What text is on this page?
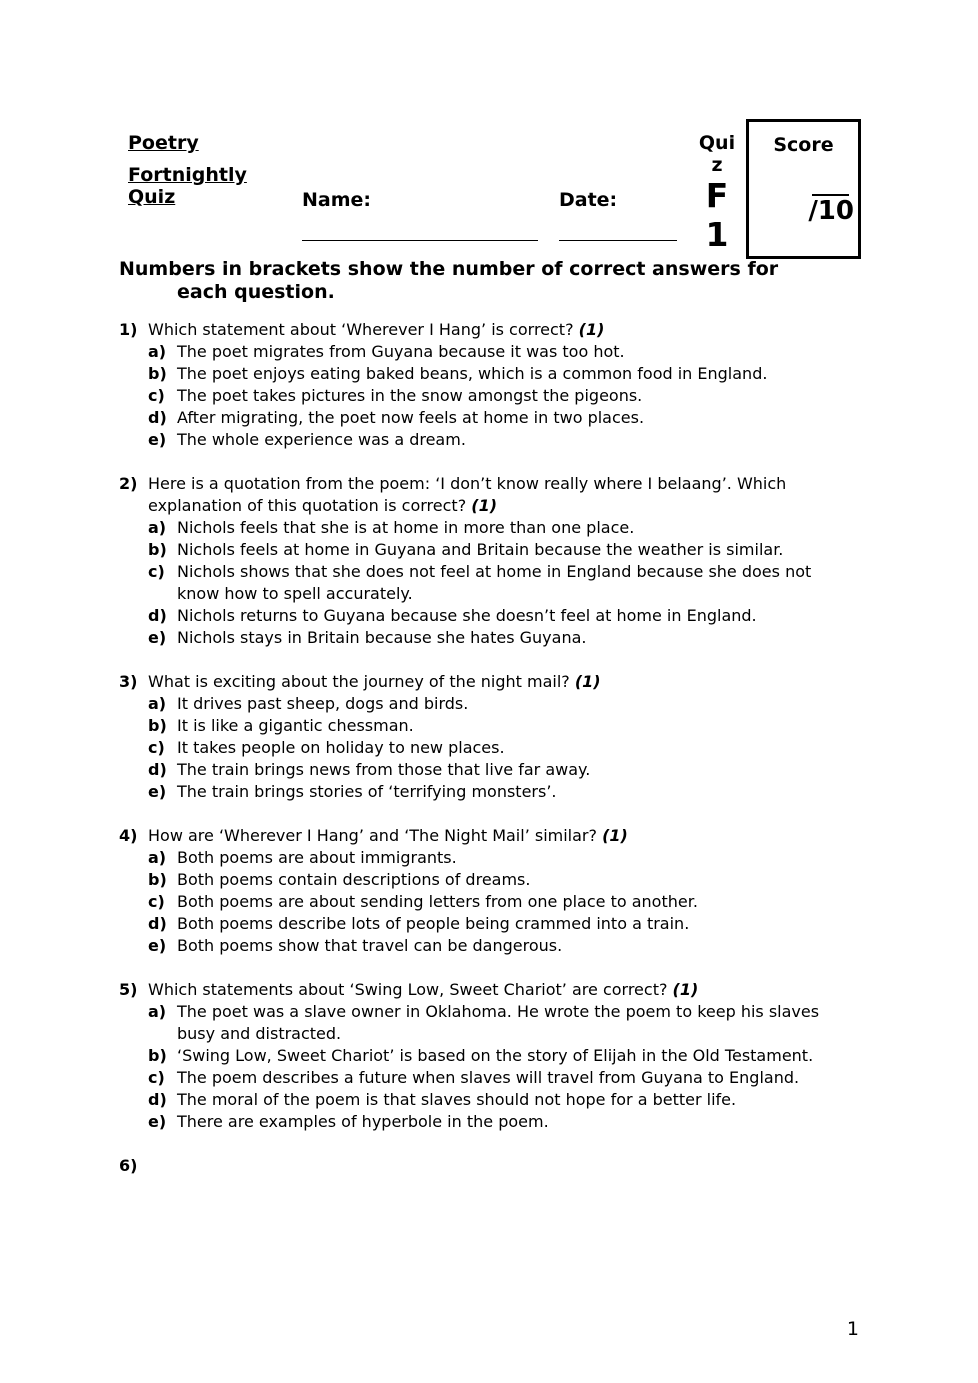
Poetry
Fortnightly
Quiz	Name:	Date:
Qui
z
F
1
Score
/10
Numbers in brackets show the number of correct answers for
each question.
1) Which statement about ‘Wherever I Hang’ is correct? (1)
a) The poet migrates from Guyana because it was too hot.
b) The poet enjoys eating baked beans, which is a common food in England.
c) The poet takes pictures in the snow amongst the pigeons.
d) After migrating, the poet now feels at home in two places.
e) The whole experience was a dream.
2) Here is a quotation from the poem: ‘I don’t know really where I belaang’. Which explanation of this quotation is correct? (1)
a) Nichols feels that she is at home in more than one place.
b) Nichols feels at home in Guyana and Britain because the weather is similar.
c) Nichols shows that she does not feel at home in England because she does not know how to spell accurately.
d) Nichols returns to Guyana because she doesn’t feel at home in England.
e) Nichols stays in Britain because she hates Guyana.
3) What is exciting about the journey of the night mail? (1)
a) It drives past sheep, dogs and birds.
b) It is like a gigantic chessman.
c) It takes people on holiday to new places.
d) The train brings news from those that live far away.
e) The train brings stories of ‘terrifying monsters’.
4) How are ‘Wherever I Hang’ and ‘The Night Mail’ similar? (1)
a) Both poems are about immigrants.
b) Both poems contain descriptions of dreams.
c) Both poems are about sending letters from one place to another.
d) Both poems describe lots of people being crammed into a train.
e) Both poems show that travel can be dangerous.
5) Which statements about ‘Swing Low, Sweet Chariot’ are correct? (1)
a) The poet was a slave owner in Oklahoma. He wrote the poem to keep his slaves busy and distracted.
b) ‘Swing Low, Sweet Chariot’ is based on the story of Elijah in the Old Testament.
c) The poem describes a future when slaves will travel from Guyana to England.
d) The moral of the poem is that slaves should not hope for a better life.
e) There are examples of hyperbole in the poem.
6)
1
